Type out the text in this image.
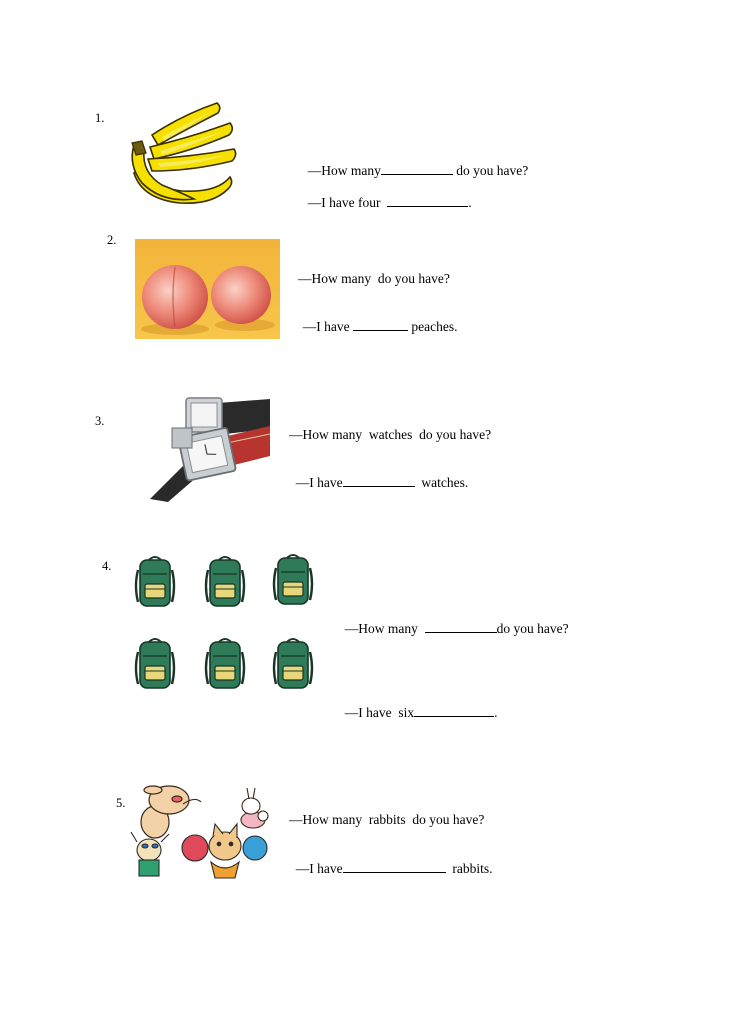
1.

—How many	do you have?

—I have four	.

2.
—How many  do you have?

—I have	peaches.

3.
—How many  watches  do you have?

—I have	watches.

4.

—How many	do you have?

—I have  six	.

5.
—How many  rabbits  do you have?

—I have	rabbits.
